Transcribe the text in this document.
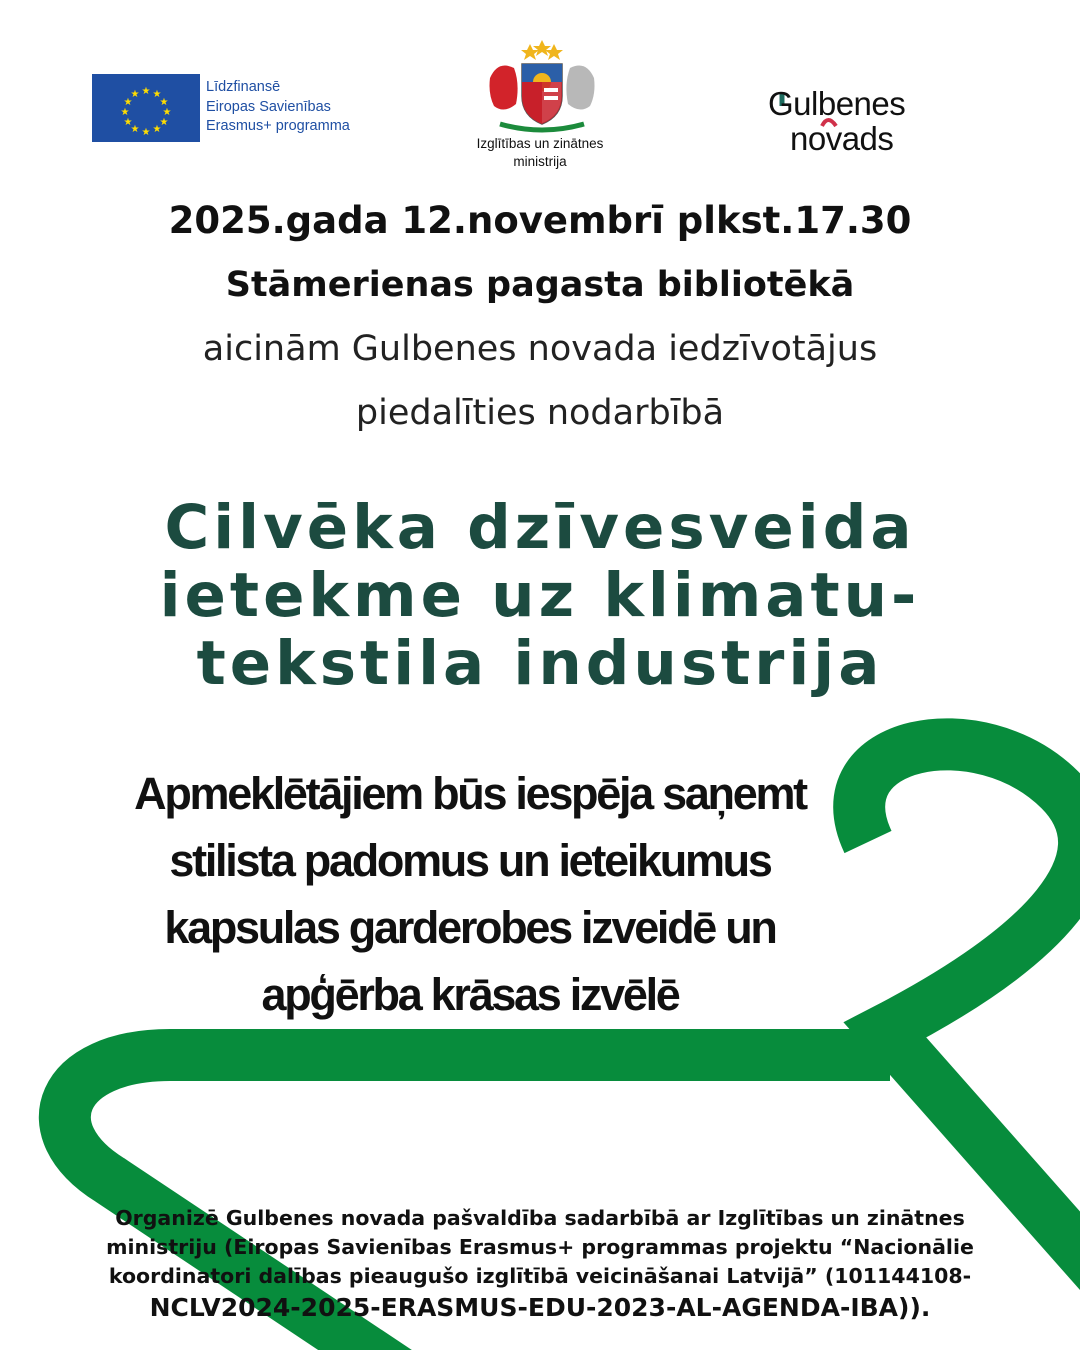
★ ★
★
★
★
★
★
★
★
★
★
★	Līdzfinansē
Eiropas Savienības
Erasmus+ programma
Izglītības un zinātnes
ministrija
Gulbenes
novads
2025.gada 12.novembrī plkst.17.30
Stāmerienas pagasta bibliotēkā
aicinām Gulbenes novada iedzīvotājus
piedalīties nodarbībā
Cilvēka dzīvesveida
ietekme uz klimatu-
tekstila industrija
Apmeklētājiem būs iespēja saņemt
stilista padomus un ieteikumus
kapsulas garderobes izveidē un
apģērba krāsas izvēlē
Organizē Gulbenes novada pašvaldība sadarbībā ar Izglītības un zinātnes
ministriju (Eiropas Savienības Erasmus+ programmas projektu “Nacionālie
koordinatori dalības pieaugušo izglītībā veicināšanai Latvijā” (101144108-
NCLV2024-2025-ERASMUS-EDU-2023-AL-AGENDA-IBA)).
